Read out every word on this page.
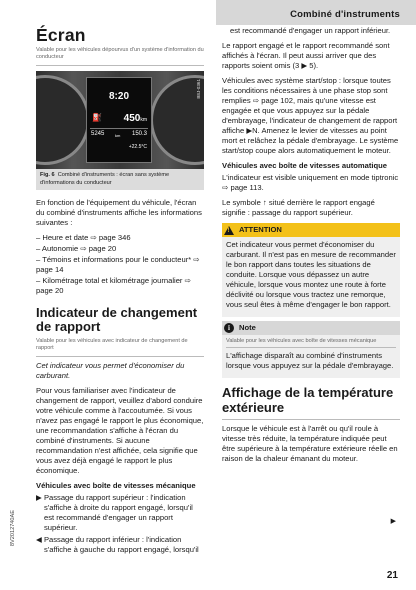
Combiné d'instruments
Écran
Valable pour les véhicules dépourvus d'un système d'information du conducteur
8:20
⛽ 450km
5245	km 150.3
+22.5°C
B8J-0361
Fig. 6 Combiné d'instruments : écran sans système d'informations du conducteur

En fonction de l'équipement du véhicule, l'écran du combiné d'instruments affiche les informations suivantes :

– Heure et date ⇨ page 346
– Autonomie ⇨ page 20
– Témoins et informations pour le conducteur* ⇨ page 14
– Kilométrage total et kilométrage journalier ⇨ page 20
Indicateur de changement de rapport
Valable pour les véhicules avec indicateur de changement de rapport

Cet indicateur vous permet d'économiser du carburant.

Pour vous familiariser avec l'indicateur de changement de rapport, veuillez d'abord conduire votre véhicule comme à l'accoutumée. Si vous n'avez pas engagé le rapport le plus économique, une recommandation s'affiche à l'écran du combiné d'instruments. Si aucune recommandation n'est affichée, cela signifie que vous avez déjà engagé le rapport le plus économique.

Véhicules avec boîte de vitesses mécanique
▶ Passage du rapport supérieur : l'indication s'affiche à droite du rapport engagé, lorsqu'il est recommandé d'engager un rapport supérieur.
◀ Passage du rapport inférieur : l'indication s'affiche à gauche du rapport engagé, lorsqu'il

est recommandé d'engager un rapport inférieur.

Le rapport engagé et le rapport recommandé sont affichés à l'écran. Il peut aussi arriver que des rapports soient omis (3 ▶ 5).

Véhicules avec système start/stop : lorsque toutes les conditions nécessaires à une phase stop sont remplies ⇨ page 102, mais qu'une vitesse est engagée et que vous appuyez sur la pédale d'embrayage, l'indicateur de changement de rapport affiche ▶N. Amenez le levier de vitesses au point mort et relâchez la pédale d'embrayage. Le système start/stop coupe alors automatiquement le moteur.

Véhicules avec boîte de vitesses automatique

L'indicateur est visible uniquement en mode tiptronic ⇨ page 113.

Le symbole ↑ situé derrière le rapport engagé signifie : passage du rapport supérieur.

! ATTENTION

Cet indicateur vous permet d'économiser du carburant. Il n'est pas en mesure de recommander le bon rapport dans toutes les situations de conduite. Lorsque vous dépassez un autre véhicule, lorsque vous montez une route à forte déclivité ou lorsque vous tractez une remorque, vous seul êtes à même d'engager le bon rapport.

i	Note
Valable pour les véhicules avec boîte de vitesses mécanique

L'affichage disparaît au combiné d'instruments lorsque vous appuyez sur la pédale d'embrayage.

Affichage de la température extérieure

Lorsque le véhicule est à l'arrêt ou qu'il roule à vitesse très réduite, la température indiquée peut être supérieure à la température extérieure réelle en raison de la chaleur émanant du moteur.

▶
8V2012740AE
21
